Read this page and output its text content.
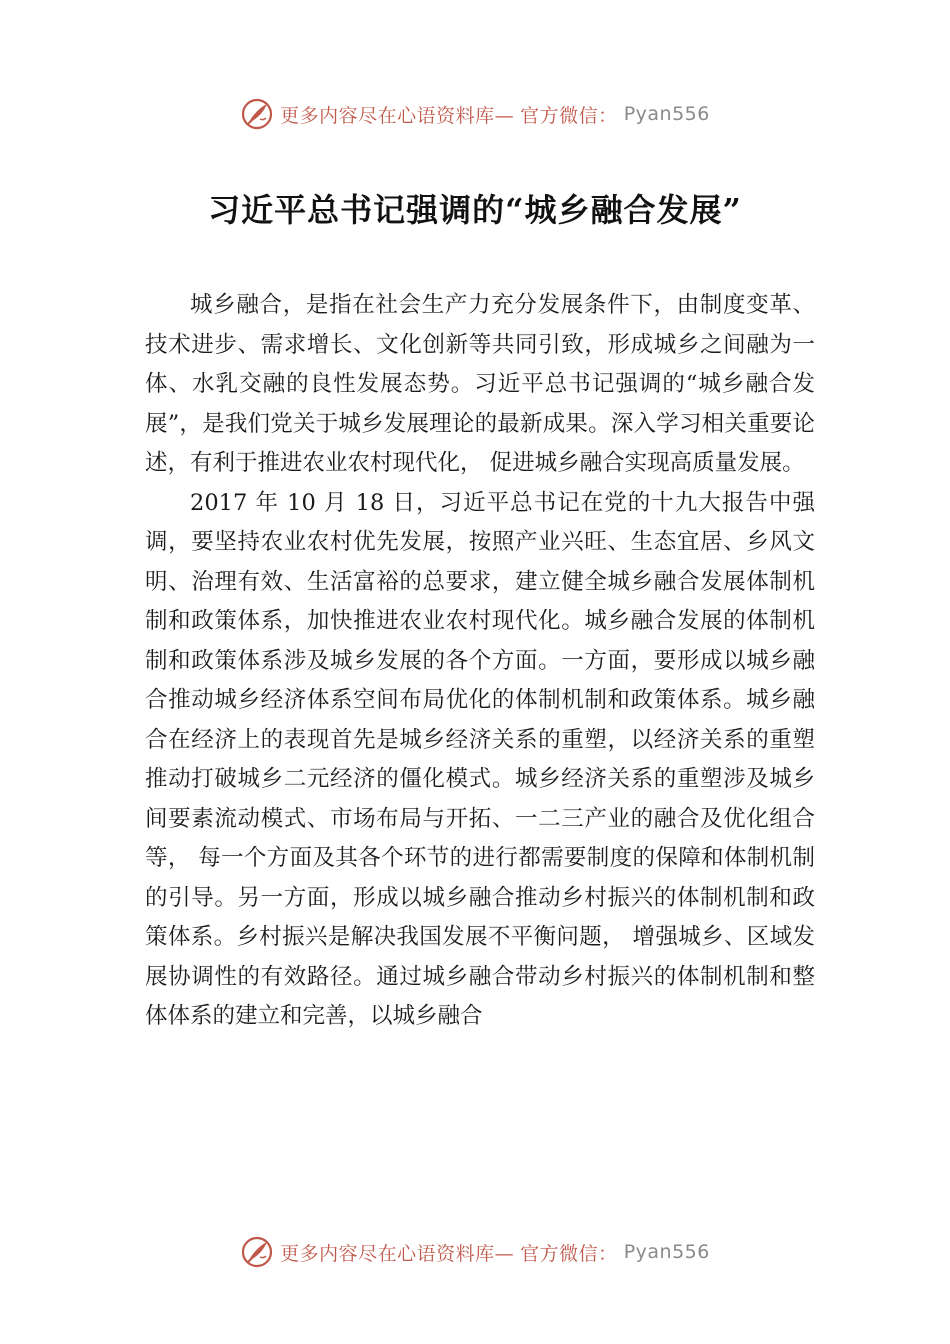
更多内容尽在心语资料库— 官方微信： Pyan556
习近平总书记强调的“城乡融合发展”

城乡融合，是指在社会生产力充分发展条件下，由制度变革、技术进步、需求增长、文化创新等共同引致，形成城乡之间融为一体、水乳交融的良性发展态势。习近平总书记强调的“城乡融合发展”，是我们党关于城乡发展理论的最新成果。深入学习相关重要论述，有利于推进农业农村现代化， 促进城乡融合实现高质量发展。

2017 年 10 月 18 日，习近平总书记在党的十九大报告中强调，要坚持农业农村优先发展，按照产业兴旺、生态宜居、乡风文明、治理有效、生活富裕的总要求，建立健全城乡融合发展体制机制和政策体系，加快推进农业农村现代化。城乡融合发展的体制机制和政策体系涉及城乡发展的各个方面。一方面，要形成以城乡融合推动城乡经济体系空间布局优化的体制机制和政策体系。城乡融合在经济上的表现首先是城乡经济关系的重塑，以经济关系的重塑推动打破城乡二元经济的僵化模式。城乡经济关系的重塑涉及城乡间要素流动模式、市场布局与开拓、一二三产业的融合及优化组合等， 每一个方面及其各个环节的进行都需要制度的保障和体制机制的引导。另一方面，形成以城乡融合推动乡村振兴的体制机制和政策体系。乡村振兴是解决我国发展不平衡问题， 增强城乡、区域发展协调性的有效路径。通过城乡融合带动乡村振兴的体制机制和整体体系的建立和完善，以城乡融合

更多内容尽在心语资料库— 官方微信： Pyan556
